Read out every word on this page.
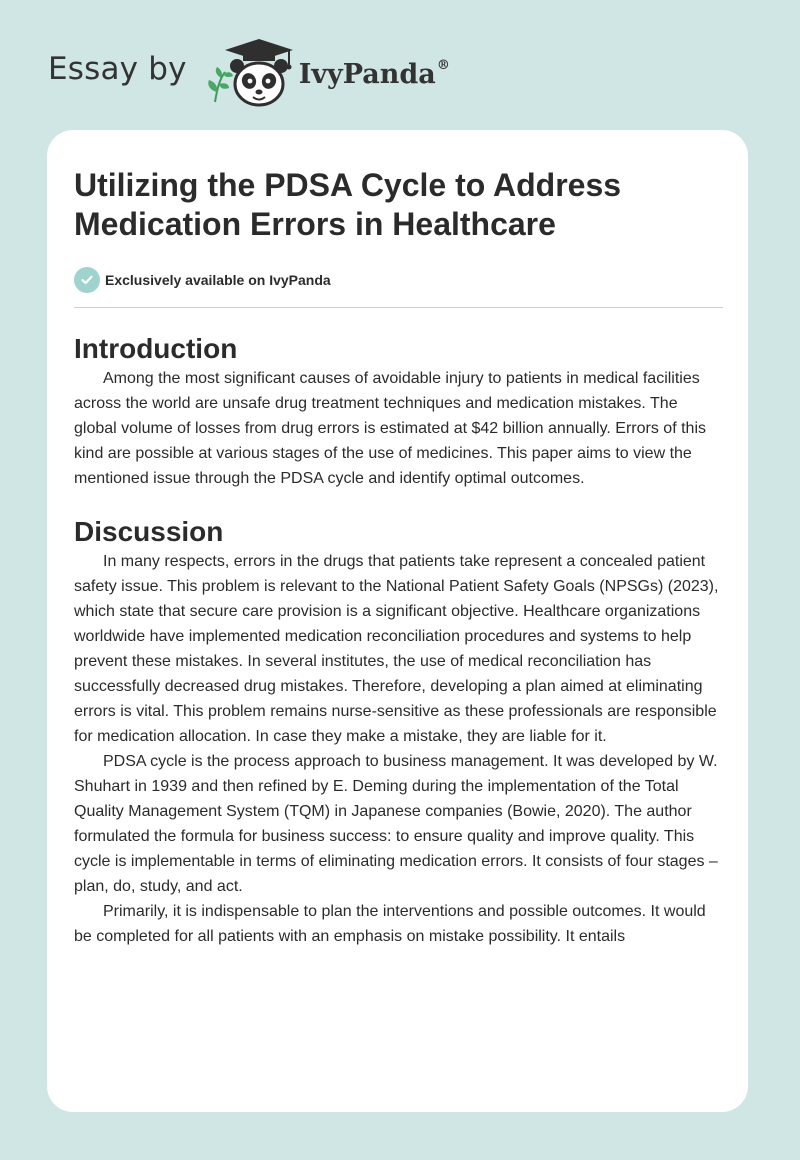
Essay by	IvyPanda®
Utilizing the PDSA Cycle to Address Medication Errors in Healthcare
Exclusively available on IvyPanda
Introduction

Among the most significant causes of avoidable injury to patients in medical facilities across the world are unsafe drug treatment techniques and medication mistakes. The global volume of losses from drug errors is estimated at $42 billion annually. Errors of this kind are possible at various stages of the use of medicines. This paper aims to view the mentioned issue through the PDSA cycle and identify optimal outcomes.

Discussion

In many respects, errors in the drugs that patients take represent a concealed patient safety issue. This problem is relevant to the National Patient Safety Goals (NPSGs) (2023), which state that secure care provision is a significant objective. Healthcare organizations worldwide have implemented medication reconciliation procedures and systems to help prevent these mistakes. In several institutes, the use of medical reconciliation has successfully decreased drug mistakes. Therefore, developing a plan aimed at eliminating errors is vital. This problem remains nurse-sensitive as these professionals are responsible for medication allocation. In case they make a mistake, they are liable for it.

PDSA cycle is the process approach to business management. It was developed by W. Shuhart in 1939 and then refined by E. Deming during the implementation of the Total Quality Management System (TQM) in Japanese companies (Bowie, 2020). The author formulated the formula for business success: to ensure quality and improve quality. This cycle is implementable in terms of eliminating medication errors. It consists of four stages – plan, do, study, and act.

Primarily, it is indispensable to plan the interventions and possible outcomes. It would be completed for all patients with an emphasis on mistake possibility. It entails
